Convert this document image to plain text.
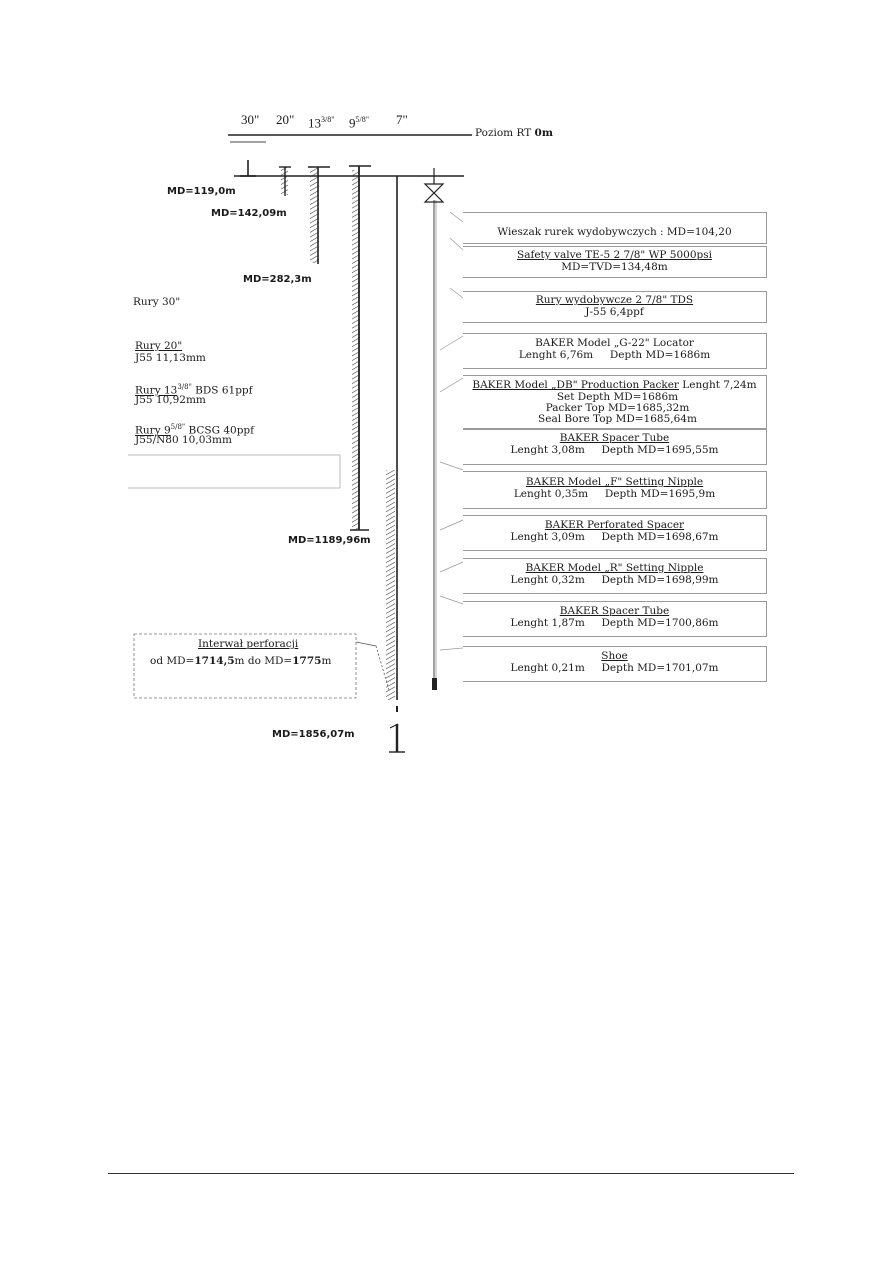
30" 20" $13^{3/8"}$ $9^{5/8"}$ 7"
Poziom RT 0m
MD=119,0m
MD=142,09m
MD=282,3m
MD=1189,96m
MD=1856,07m
Rury 30"
Rury 20"
J55 11,13mm
Rury $13^{3/8"}$ BDS 61ppf
J55 10,92mm
Rury $9^{5/8"}$ BCSG 40ppf
J55/N80 10,03mm
Interwał perforacji
od MD=1714,5m do MD=1775m
Wieszak rurek wydobywczych : MD=104,20
Safety valve TE-5 2 7/8" WP 5000psi
MD=TVD=134,48m
Rury wydobywcze 2 7/8" TDS
J-55 6,4ppf
BAKER Model „G-22" Locator
Lenght 6,76m Depth MD=1686m
BAKER Model „DB" Production Packer Lenght 7,24m
Set Depth MD=1686m
Packer Top MD=1685,32m
Seal Bore Top MD=1685,64m
BAKER Spacer Tube
Lenght 3,08m Depth MD=1695,55m
BAKER Model „F" Setting Nipple
Lenght 0,35m Depth MD=1695,9m
BAKER Perforated Spacer
Lenght 3,09m Depth MD=1698,67m
BAKER Model „R" Setting Nipple
Lenght 0,32m Depth MD=1698,99m
BAKER Spacer Tube
Lenght 1,87m Depth MD=1700,86m
Shoe
Lenght 0,21m Depth MD=1701,07m
